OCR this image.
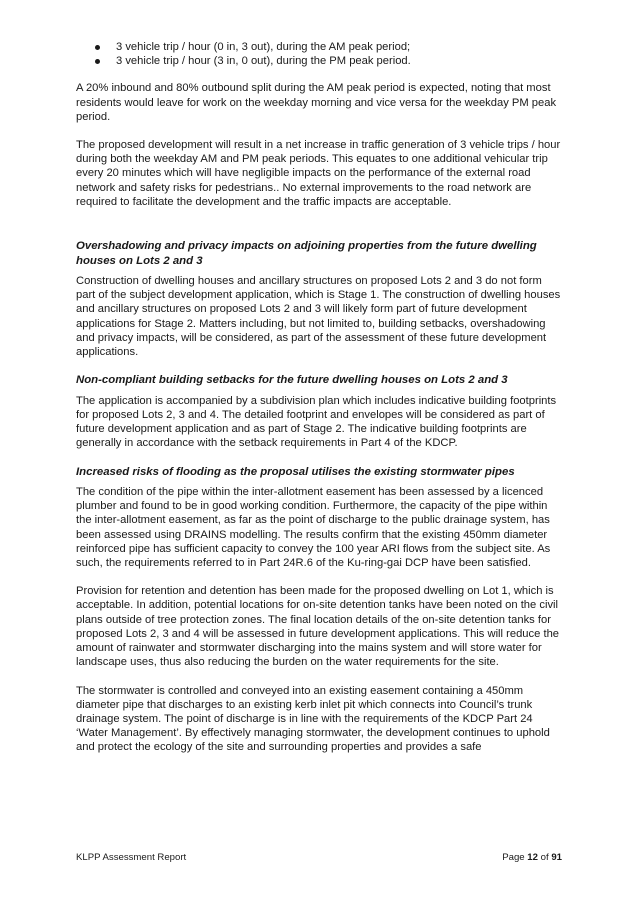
3 vehicle trip / hour (0 in, 3 out), during the AM peak period;
3 vehicle trip / hour (3 in, 0 out), during the PM peak period.

A 20% inbound and 80% outbound split during the AM peak period is expected, noting that most residents would leave for work on the weekday morning and vice versa for the weekday PM peak period.

The proposed development will result in a net increase in traffic generation of 3 vehicle trips / hour during both the weekday AM and PM peak periods. This equates to one additional vehicular trip every 20 minutes which will have negligible impacts on the performance of the external road network and safety risks for pedestrians.. No external improvements to the road network are required to facilitate the development and the traffic impacts are acceptable.

Overshadowing and privacy impacts on adjoining properties from the future dwelling houses on Lots 2 and 3

Construction of dwelling houses and ancillary structures on proposed Lots 2 and 3 do not form part of the subject development application, which is Stage 1. The construction of dwelling houses and ancillary structures on proposed Lots 2 and 3 will likely form part of future development applications for Stage 2. Matters including, but not limited to, building setbacks, overshadowing and privacy impacts, will be considered, as part of the assessment of these future development applications.

Non-compliant building setbacks for the future dwelling houses on Lots 2 and 3

The application is accompanied by a subdivision plan which includes indicative building footprints for proposed Lots 2, 3 and 4. The detailed footprint and envelopes will be considered as part of future development application and as part of Stage 2. The indicative building footprints are generally in accordance with the setback requirements in Part 4 of the KDCP.

Increased risks of flooding as the proposal utilises the existing stormwater pipes

The condition of the pipe within the inter-allotment easement has been assessed by a licenced plumber and found to be in good working condition. Furthermore, the capacity of the pipe within the inter-allotment easement, as far as the point of discharge to the public drainage system, has been assessed using DRAINS modelling. The results confirm that the existing 450mm diameter reinforced pipe has sufficient capacity to convey the 100 year ARI flows from the subject site. As such, the requirements referred to in Part 24R.6 of the Ku-ring-gai DCP have been satisfied.

Provision for retention and detention has been made for the proposed dwelling on Lot 1, which is acceptable. In addition, potential locations for on-site detention tanks have been noted on the civil plans outside of tree protection zones. The final location details of the on-site detention tanks for proposed Lots 2, 3 and 4 will be assessed in future development applications. This will reduce the amount of rainwater and stormwater discharging into the mains system and will store water for landscape uses, thus also reducing the burden on the water requirements for the site.

The stormwater is controlled and conveyed into an existing easement containing a 450mm diameter pipe that discharges to an existing kerb inlet pit which connects into Council’s trunk drainage system. The point of discharge is in line with the requirements of the KDCP Part 24 ‘Water Management’. By effectively managing stormwater, the development continues to uphold and protect the ecology of the site and surrounding properties and provides a safe

KLPP Assessment Report	Page 12 of 91
